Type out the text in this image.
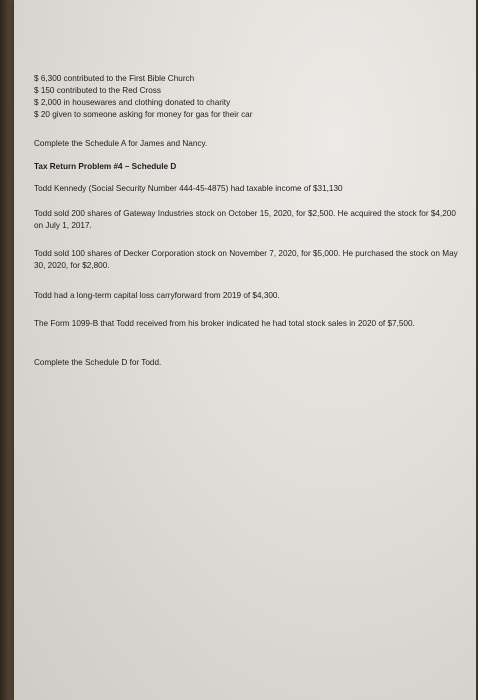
$ 6,300 contributed to the First Bible Church
$ 150 contributed to the Red Cross
$ 2,000 in housewares and clothing donated to charity
$ 20 given to someone asking for money for gas for their car
Complete the Schedule A for James and Nancy.
Tax Return Problem #4 – Schedule D
Todd Kennedy (Social Security Number 444-45-4875) had taxable income of $31,130
Todd sold 200 shares of Gateway Industries stock on October 15, 2020, for $2,500. He acquired the stock for $4,200 on July 1, 2017.
Todd sold 100 shares of Decker Corporation stock on November 7, 2020, for $5,000. He purchased the stock on May 30, 2020, for $2,800.
Todd had a long-term capital loss carryforward from 2019 of $4,300.
The Form 1099-B that Todd received from his broker indicated he had total stock sales in 2020 of $7,500.
Complete the Schedule D for Todd.
